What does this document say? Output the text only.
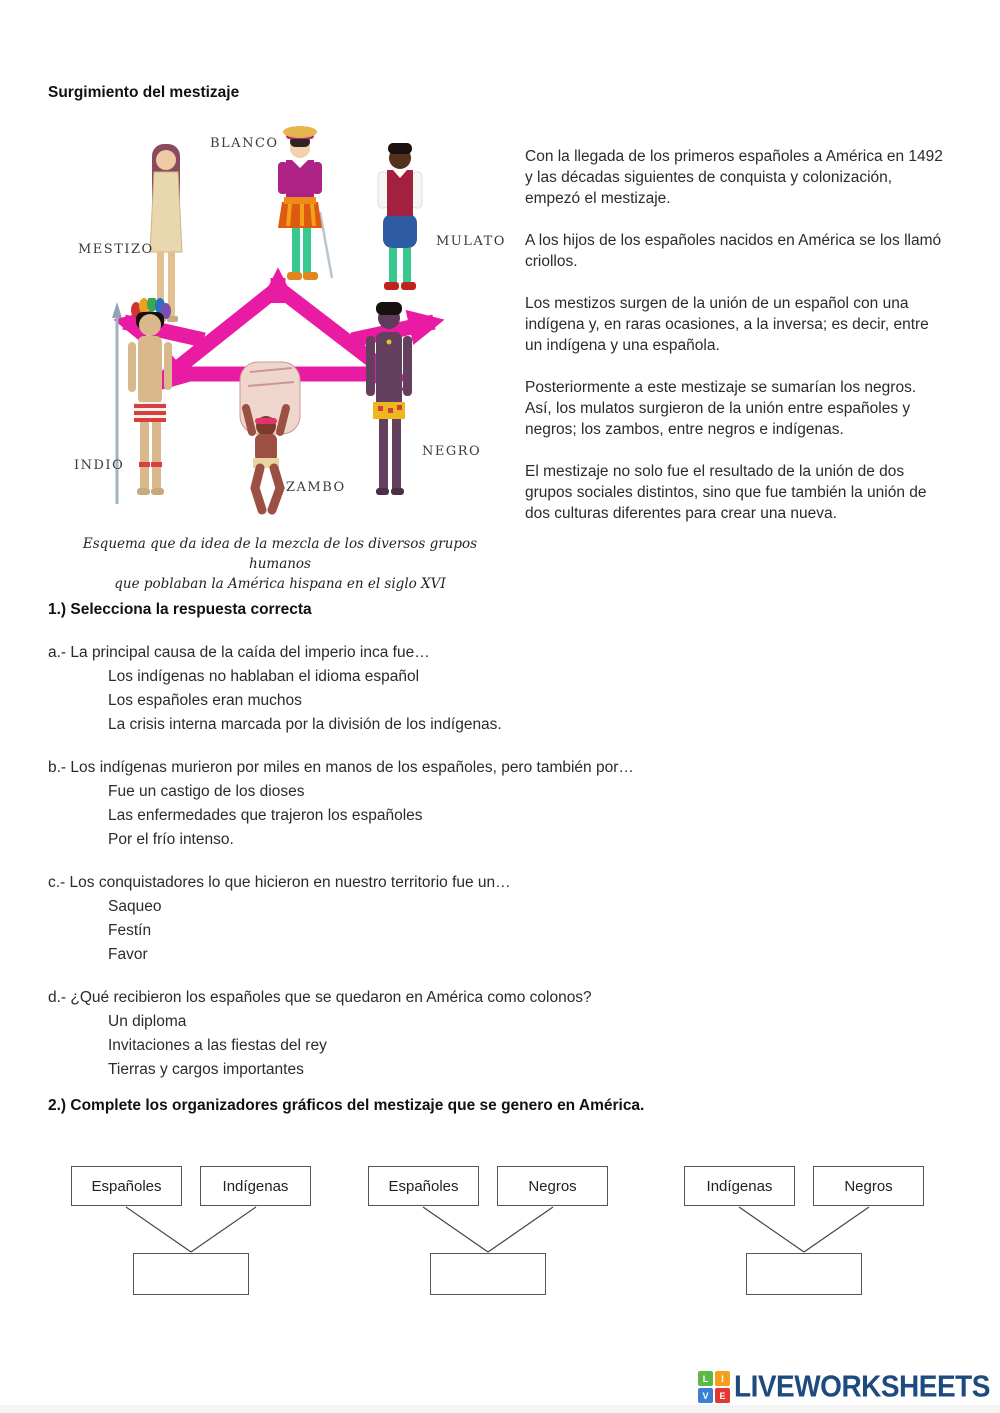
Surgimiento del mestizaje
BLANCO
MESTIZO
MULATO
INDIO
ZAMBO
NEGRO
Esquema que da idea de la mezcla de los diversos grupos humanos
que poblaban la América hispana en el siglo XVI

Con la llegada de los primeros españoles a América en 1492 y las décadas siguientes de conquista y colonización, empezó el mestizaje.

A los hijos de los españoles nacidos en América se los llamó criollos.

Los mestizos surgen de la unión de un español con una indígena y, en raras ocasiones, a la inversa; es decir, entre un indígena y una española.

Posteriormente a este mestizaje se sumarían los negros. Así, los mulatos surgieron de la unión entre españoles y negros; los zambos, entre negros e indígenas.

El mestizaje no solo fue el resultado de la unión de dos grupos sociales distintos, sino que fue también la unión de dos culturas diferentes para crear una nueva.

1.) Selecciona la respuesta correcta

a.- La principal causa de la caída del imperio inca fue…
Los indígenas no hablaban el idioma español
Los españoles eran muchos
La crisis interna marcada por la división de los indígenas.
b.- Los indígenas murieron por miles en manos de los españoles, pero también por…
Fue un castigo de los dioses
Las enfermedades que trajeron los españoles
Por el frío intenso.
c.- Los conquistadores lo que hicieron en nuestro territorio fue un…
Saqueo
Festín
Favor
d.- ¿Qué recibieron los españoles que se quedaron en América como colonos?
Un diploma
Invitaciones a las fiestas del rey
Tierras y cargos importantes
2.) Complete los organizadores gráficos del mestizaje que se genero en América.
Españoles	Indígenas	Españoles	Negros	Indígenas	Negros
L	I
V	E LIVEWORKSHEETS
